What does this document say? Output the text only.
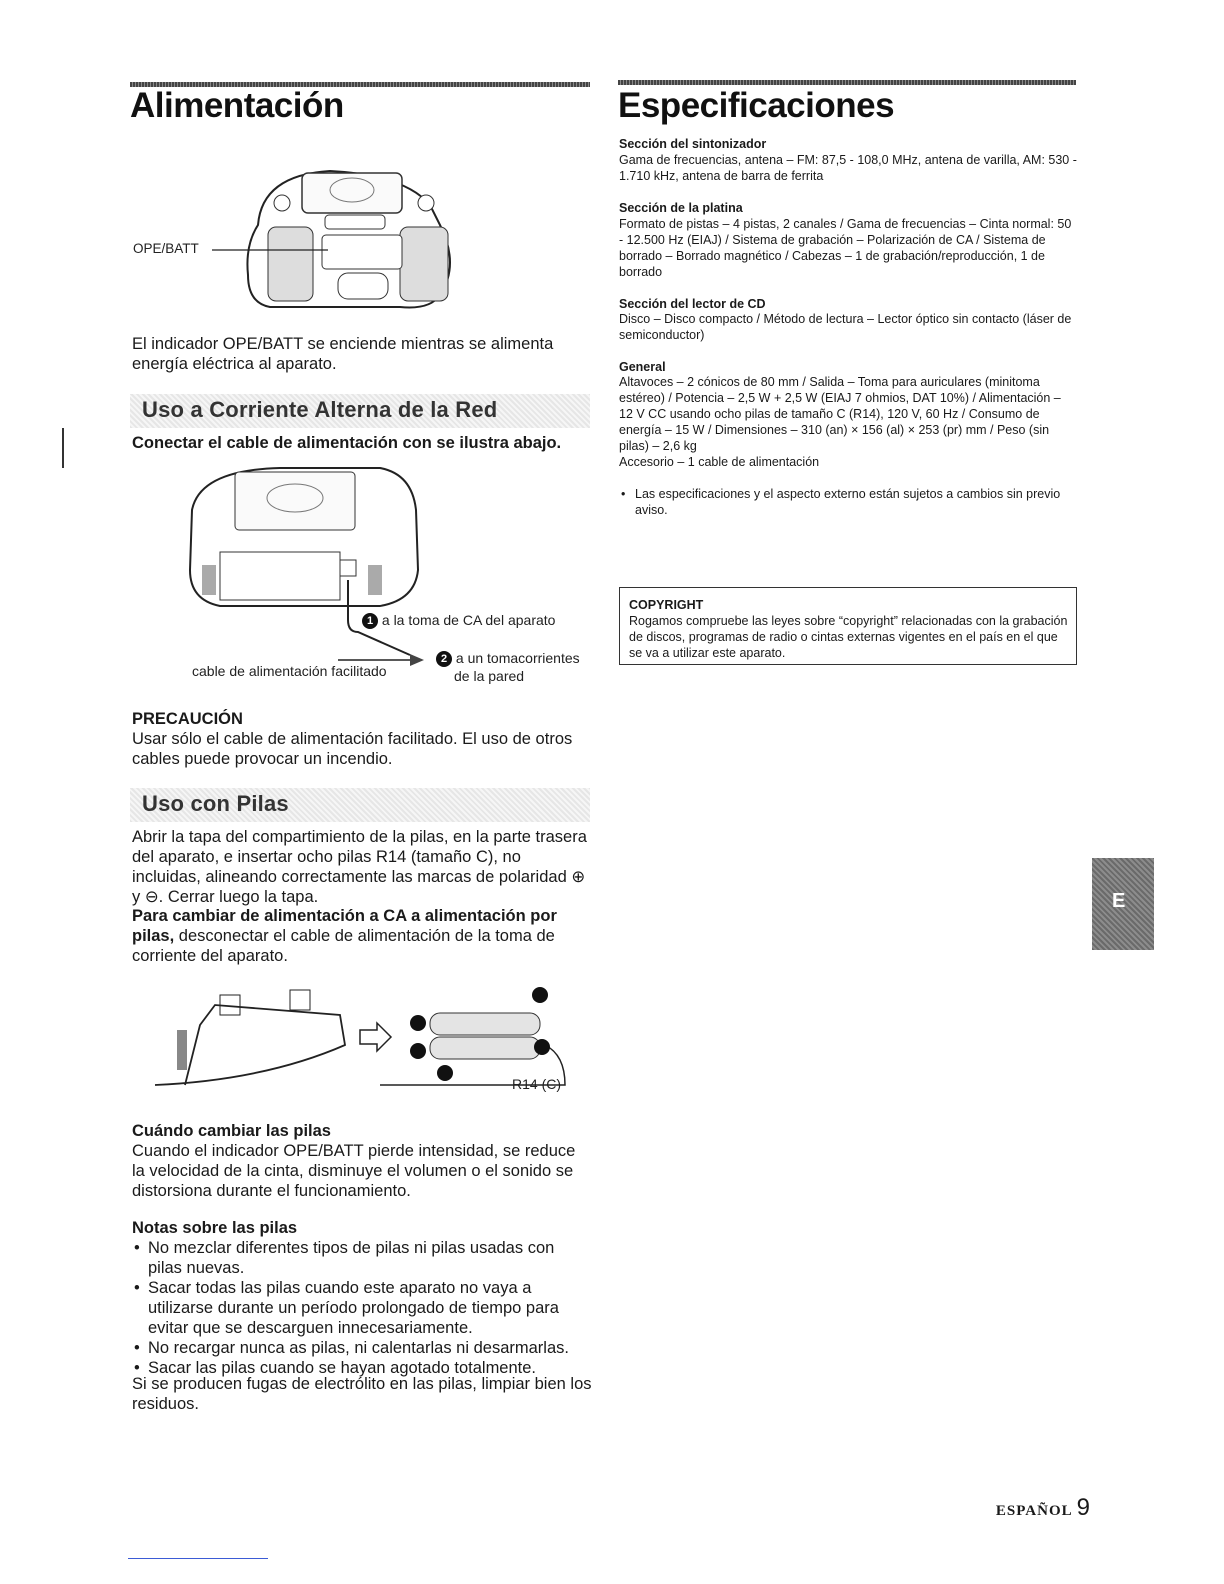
Alimentación
OPE/BATT
El indicador OPE/BATT se enciende mientras se alimenta energía eléctrica al aparato.
Uso a Corriente Alterna de la Red
Conectar el cable de alimentación con se ilustra abajo.
1 a la toma de CA del aparato
2 a un tomacorrientes
de la pared
cable de alimentación facilitado
PRECAUCIÓN
Usar sólo el cable de alimentación facilitado. El uso de otros cables puede provocar un incendio.
Uso con Pilas
Abrir la tapa del compartimiento de la pilas, en la parte trasera del aparato, e insertar ocho pilas R14 (tamaño C), no incluidas, alineando correctamente las marcas de polaridad ⊕ y ⊖. Cerrar luego la tapa.
Para cambiar de alimentación a CA a alimentación por pilas, desconectar el cable de alimentación de la toma de corriente del aparato.
R14 (C)
Cuándo cambiar las pilas
Cuando el indicador OPE/BATT pierde intensidad, se reduce la velocidad de la cinta, disminuye el volumen o el sonido se distorsiona durante el funcionamiento.
Notas sobre las pilas
• No mezclar diferentes tipos de pilas ni pilas usadas con pilas nuevas.
• Sacar todas las pilas cuando este aparato no vaya a utilizarse durante un período prolongado de tiempo para evitar que se descarguen innecesariamente.
• No recargar nunca as pilas, ni calentarlas ni desarmarlas.
• Sacar las pilas cuando se hayan agotado totalmente.
Si se producen fugas de electrólito en las pilas, limpiar bien los residuos.
Especificaciones
Sección del sintonizador
Gama de frecuencias, antena – FM: 87,5 - 108,0 MHz, antena de varilla, AM: 530 - 1.710 kHz, antena de barra de ferrita
Sección de la platina
Formato de pistas – 4 pistas, 2 canales / Gama de frecuencias – Cinta normal: 50 - 12.500 Hz (EIAJ) / Sistema de grabación – Polarización de CA / Sistema de borrado – Borrado magnético / Cabezas – 1 de grabación/reproducción, 1 de borrado
Sección del lector de CD
Disco – Disco compacto / Método de lectura – Lector óptico sin contacto (láser de semiconductor)
General
Altavoces – 2 cónicos de 80 mm / Salida – Toma para auriculares (minitoma estéreo) / Potencia – 2,5 W + 2,5 W (EIAJ 7 ohmios, DAT 10%) / Alimentación – 12 V CC usando ocho pilas de tamaño C (R14), 120 V, 60 Hz / Consumo de energía – 15 W / Dimensiones – 310 (an) × 156 (al) × 253 (pr) mm / Peso (sin pilas) – 2,6 kg
Accesorio – 1 cable de alimentación
• Las especificaciones y el aspecto externo están sujetos a cambios sin previo aviso.
COPYRIGHT
Rogamos compruebe las leyes sobre “copyright” relacionadas con la grabación de discos, programas de radio o cintas externas vigentes en el país en el que se va a utilizar este aparato.
E
ESPAÑOL 9
